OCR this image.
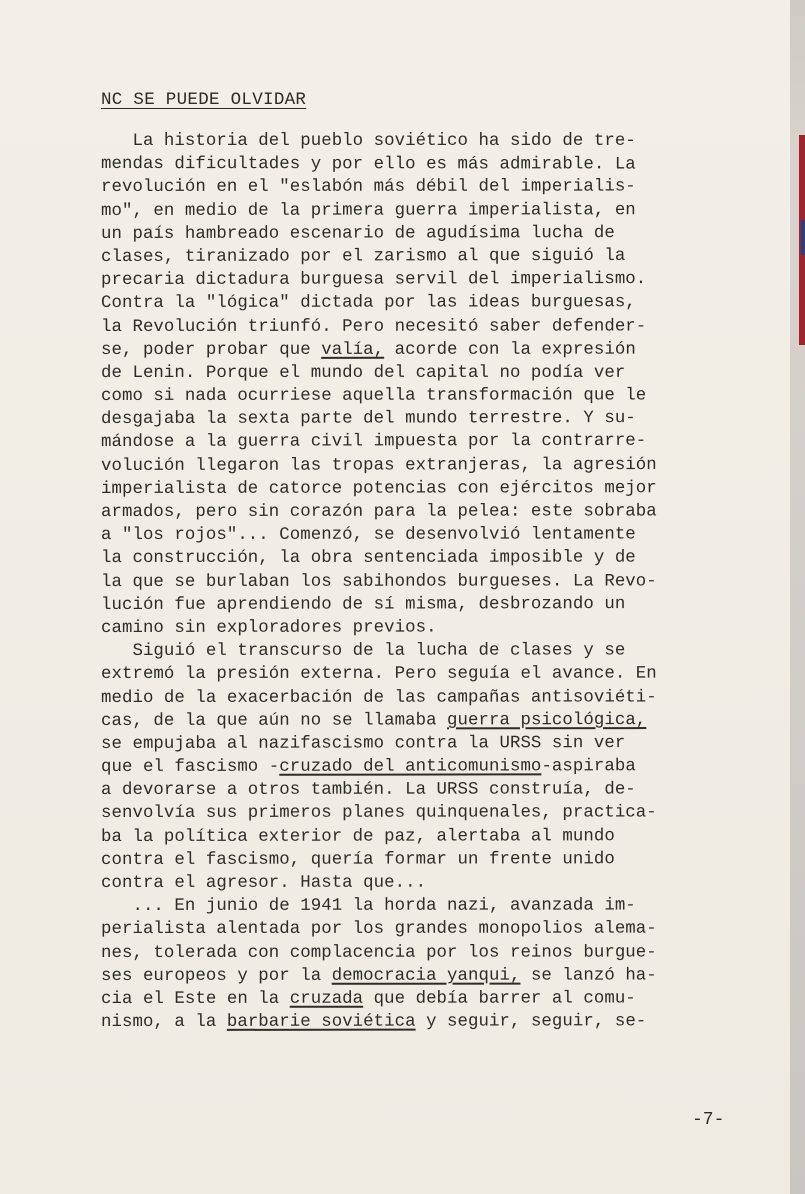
NC SE PUEDE OLVIDAR
La historia del pueblo soviético ha sido de tre-
mendas dificultades y por ello es más admirable. La
revolución en el "eslabón más débil del imperialis-
mo", en medio de la primera guerra imperialista, en
un país hambreado escenario de agudísima lucha de
clases, tiranizado por el zarismo al que siguió la
precaria dictadura burguesa servil del imperialismo.
Contra la "lógica" dictada por las ideas burguesas,
la Revolución triunfó. Pero necesitó saber defender-
se, poder probar que valía, acorde con la expresión
de Lenin. Porque el mundo del capital no podía ver
como si nada ocurriese aquella transformación que le
desgajaba la sexta parte del mundo terrestre. Y su-
mándose a la guerra civil impuesta por la contrarre-
volución llegaron las tropas extranjeras, la agresión
imperialista de catorce potencias con ejércitos mejor
armados, pero sin corazón para la pelea: este sobraba
a "los rojos"... Comenzó, se desenvolvió lentamente
la construcción, la obra sentenciada imposible y de
la que se burlaban los sabihondos burgueses. La Revo-
lución fue aprendiendo de sí misma, desbrozando un
camino sin exploradores previos.
Siguió el transcurso de la lucha de clases y se
extremó la presión externa. Pero seguía el avance. En
medio de la exacerbación de las campañas antisoviéti-
cas, de la que aún no se llamaba guerra psicológica,
se empujaba al nazifascismo contra la URSS sin ver
que el fascismo -cruzado del anticomunismo-aspiraba
a devorarse a otros también. La URSS construía, de-
senvolvía sus primeros planes quinquenales, practica-
ba la política exterior de paz, alertaba al mundo
contra el fascismo, quería formar un frente unido
contra el agresor. Hasta que...
... En junio de 1941 la horda nazi, avanzada im-
perialista alentada por los grandes monopolios alema-
nes, tolerada con complacencia por los reinos burgue-
ses europeos y por la democracia yanqui, se lanzó ha-
cia el Este en la cruzada que debía barrer al comu-
nismo, a la barbarie soviética y seguir, seguir, se-
-7-
